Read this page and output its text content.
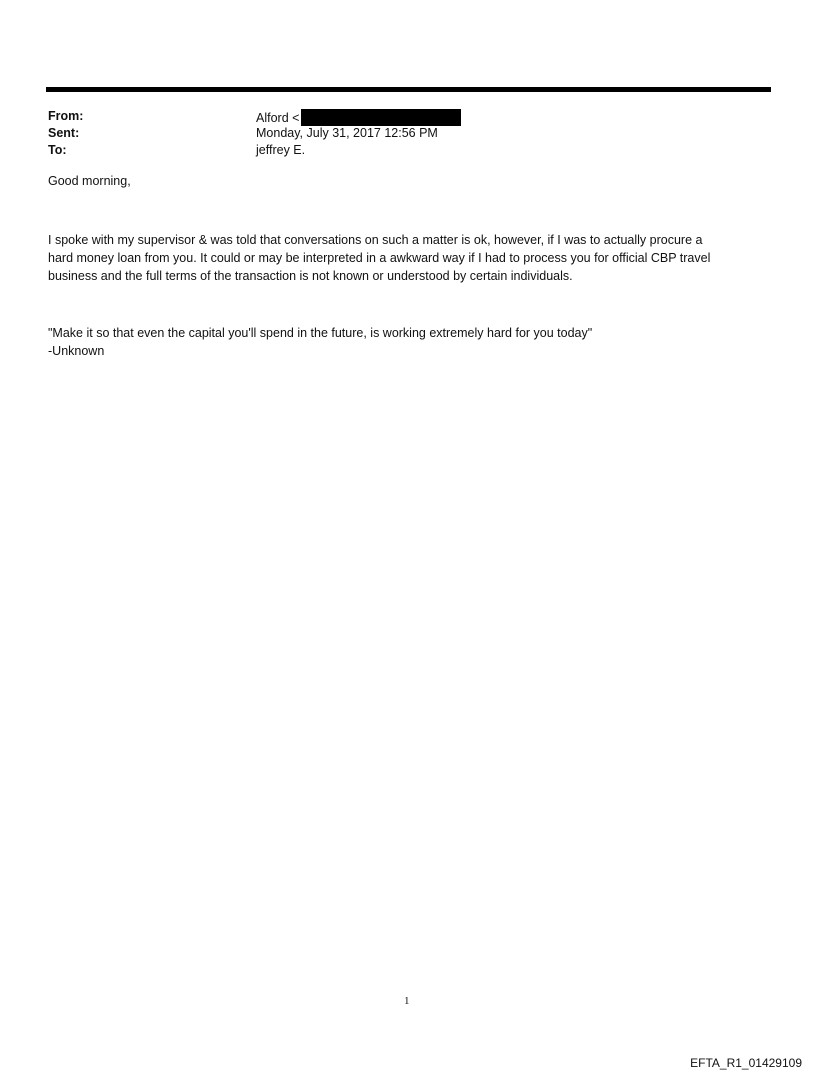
From:	Alford <
Sent:	Monday, July 31, 2017 12:56 PM
To:	jeffrey E.
Good morning,
I spoke with my supervisor & was told that conversations on such a matter is ok, however, if I was to actually procure a
hard money loan from you. It could or may be interpreted in a awkward way if I had to process you for official CBP travel
business and the full terms of the transaction is not known or understood by certain individuals.
"Make it so that even the capital you'll spend in the future, is working extremely hard for you today"
-Unknown
1
EFTA_R1_01429109
